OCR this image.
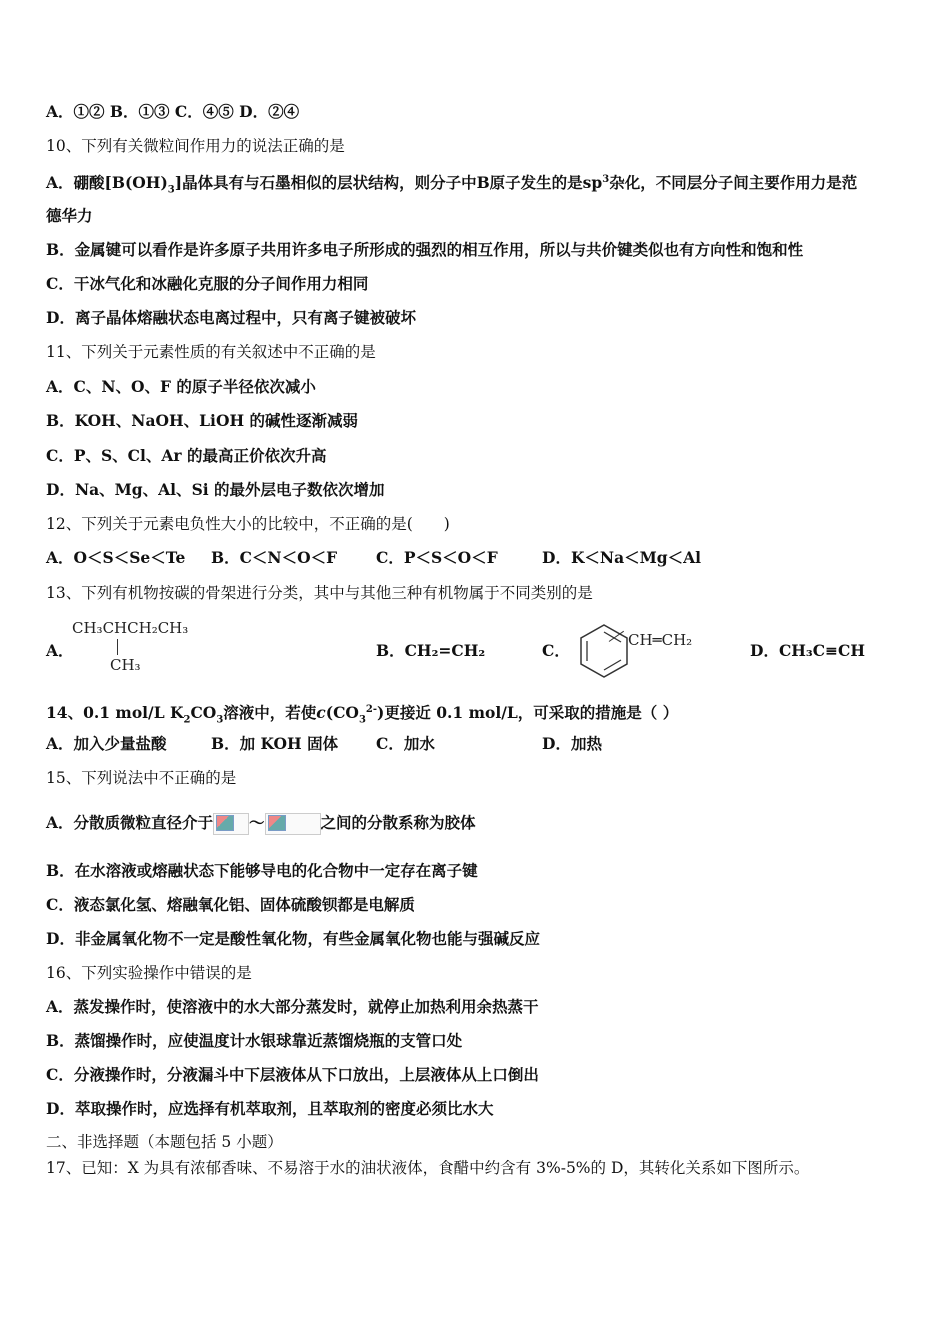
A．①② B．①③ C．④⑤ D．②④
10、下列有关微粒间作用力的说法正确的是
A．硼酸$[B(OH)_3]$晶体具有与石墨相似的层状结构，则分子中B原子发生的是$sp^3$杂化，不同层分子间主要作用力是范
德华力
B．金属键可以看作是许多原子共用许多电子所形成的强烈的相互作用，所以与共价键类似也有方向性和饱和性
C．干冰气化和冰融化克服的分子间作用力相同
D．离子晶体熔融状态电离过程中，只有离子键被破坏
11、下列关于元素性质的有关叙述中不正确的是
A．C、N、O、F 的原子半径依次减小
B．KOH、NaOH、LiOH 的碱性逐渐减弱
C．P、S、Cl、Ar 的最高正价依次升高
D．Na、Mg、Al、Si 的最外层电子数依次增加
12、下列关于元素电负性大小的比较中，不正确的是(　　)
A．O＜S＜Se＜Te B．C＜N＜O＜F	C．P＜S＜O＜F	D．K＜Na＜Mg＜Al
13、下列有机物按碳的骨架进行分类，其中与其他三种有机物属于不同类别的是
A．
CH₃CHCH₂CH₃
CH₃
B．CH₂=CH₂	C．
CH═CH₂
D．CH₃C≡CH
14、0.1 mol/L $K_2CO_3$溶液中，若使$c(CO_3^{2-})$更接近 0.1 mol/L，可采取的措施是（ ）
A．加入少量盐酸	B．加 KOH 固体 C．加水	D．加热
15、下列说法中不正确的是
A．分散质微粒直径介于 ～	之间的分散系称为胶体
B．在水溶液或熔融状态下能够导电的化合物中一定存在离子键
C．液态氯化氢、熔融氧化铝、固体硫酸钡都是电解质
D．非金属氧化物不一定是酸性氧化物，有些金属氧化物也能与强碱反应
16、下列实验操作中错误的是
A．蒸发操作时，使溶液中的水大部分蒸发时，就停止加热利用余热蒸干
B．蒸馏操作时，应使温度计水银球靠近蒸馏烧瓶的支管口处
C．分液操作时，分液漏斗中下层液体从下口放出，上层液体从上口倒出
D．萃取操作时，应选择有机萃取剂，且萃取剂的密度必须比水大
二、非选择题（本题包括 5 小题）
17、已知：X 为具有浓郁香味、不易溶于水的油状液体，食醋中约含有 3%-5%的 D，其转化关系如下图所示。
